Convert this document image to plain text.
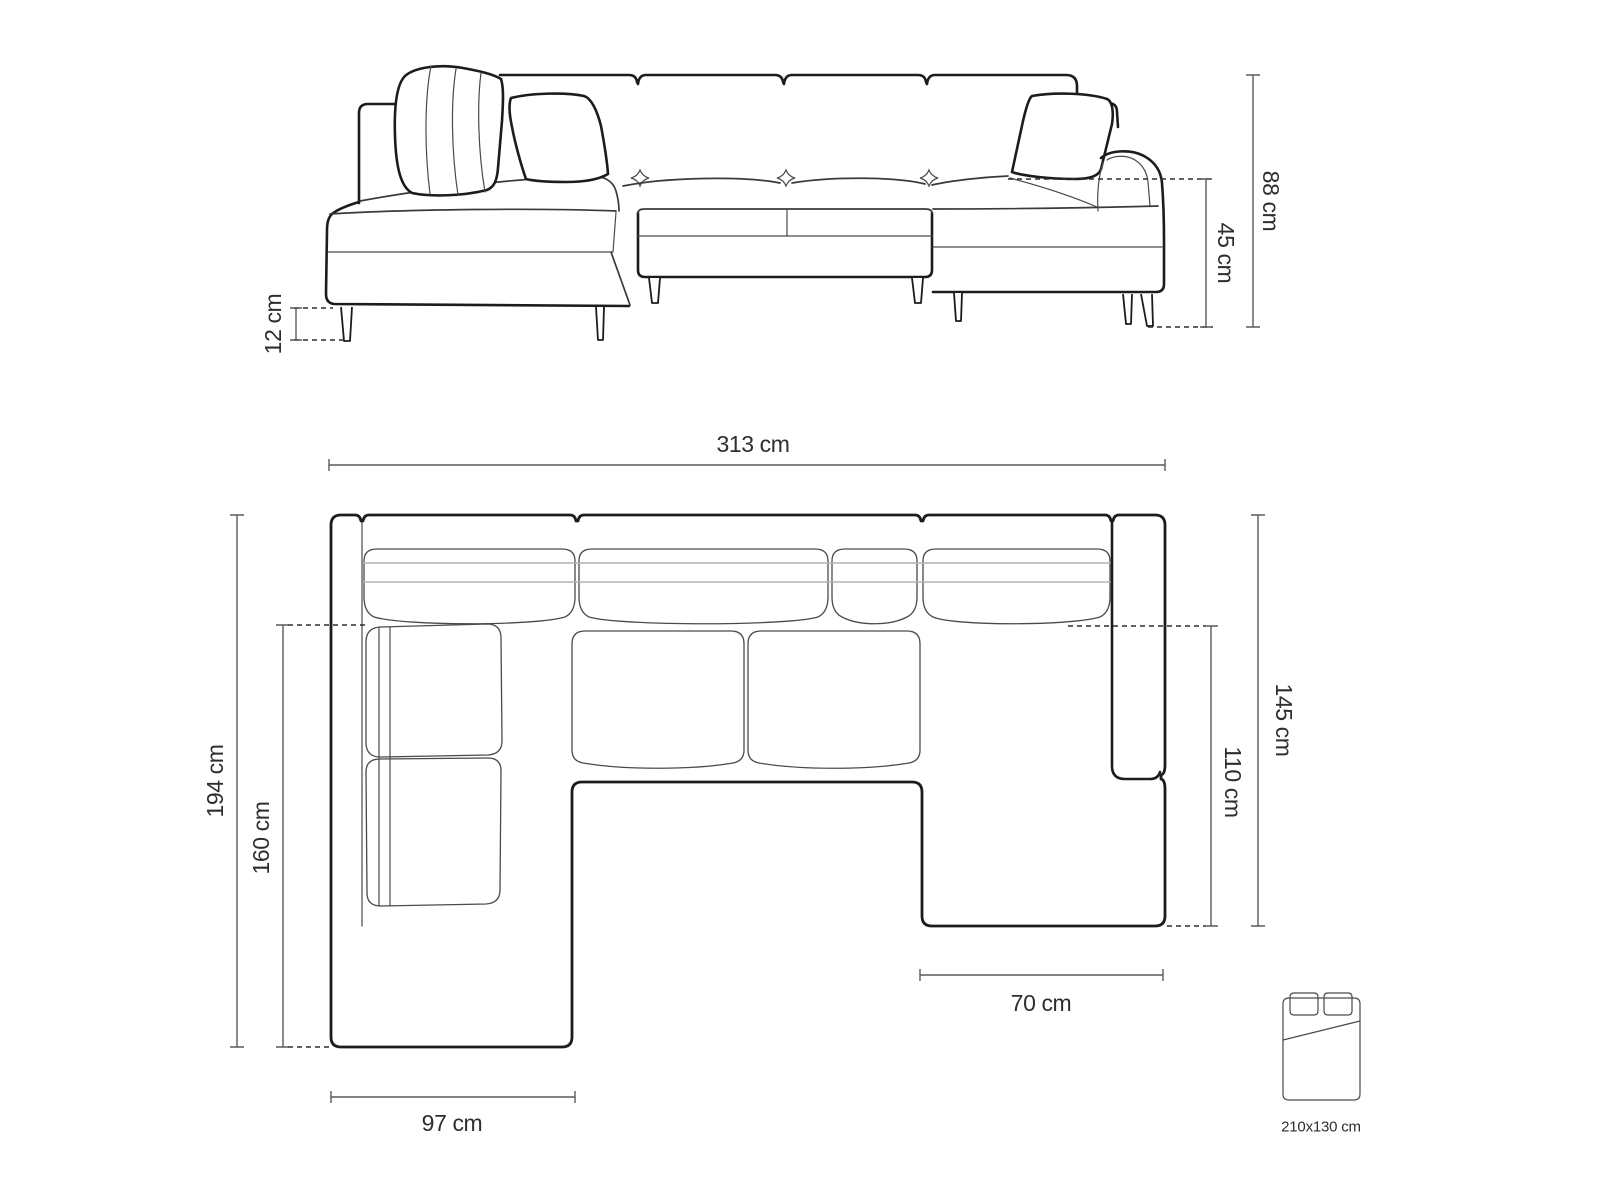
12 cm
88 cm
45 cm
313 cm
194 cm
160 cm
145 cm
110 cm
70 cm
97 cm	210x130 cm
